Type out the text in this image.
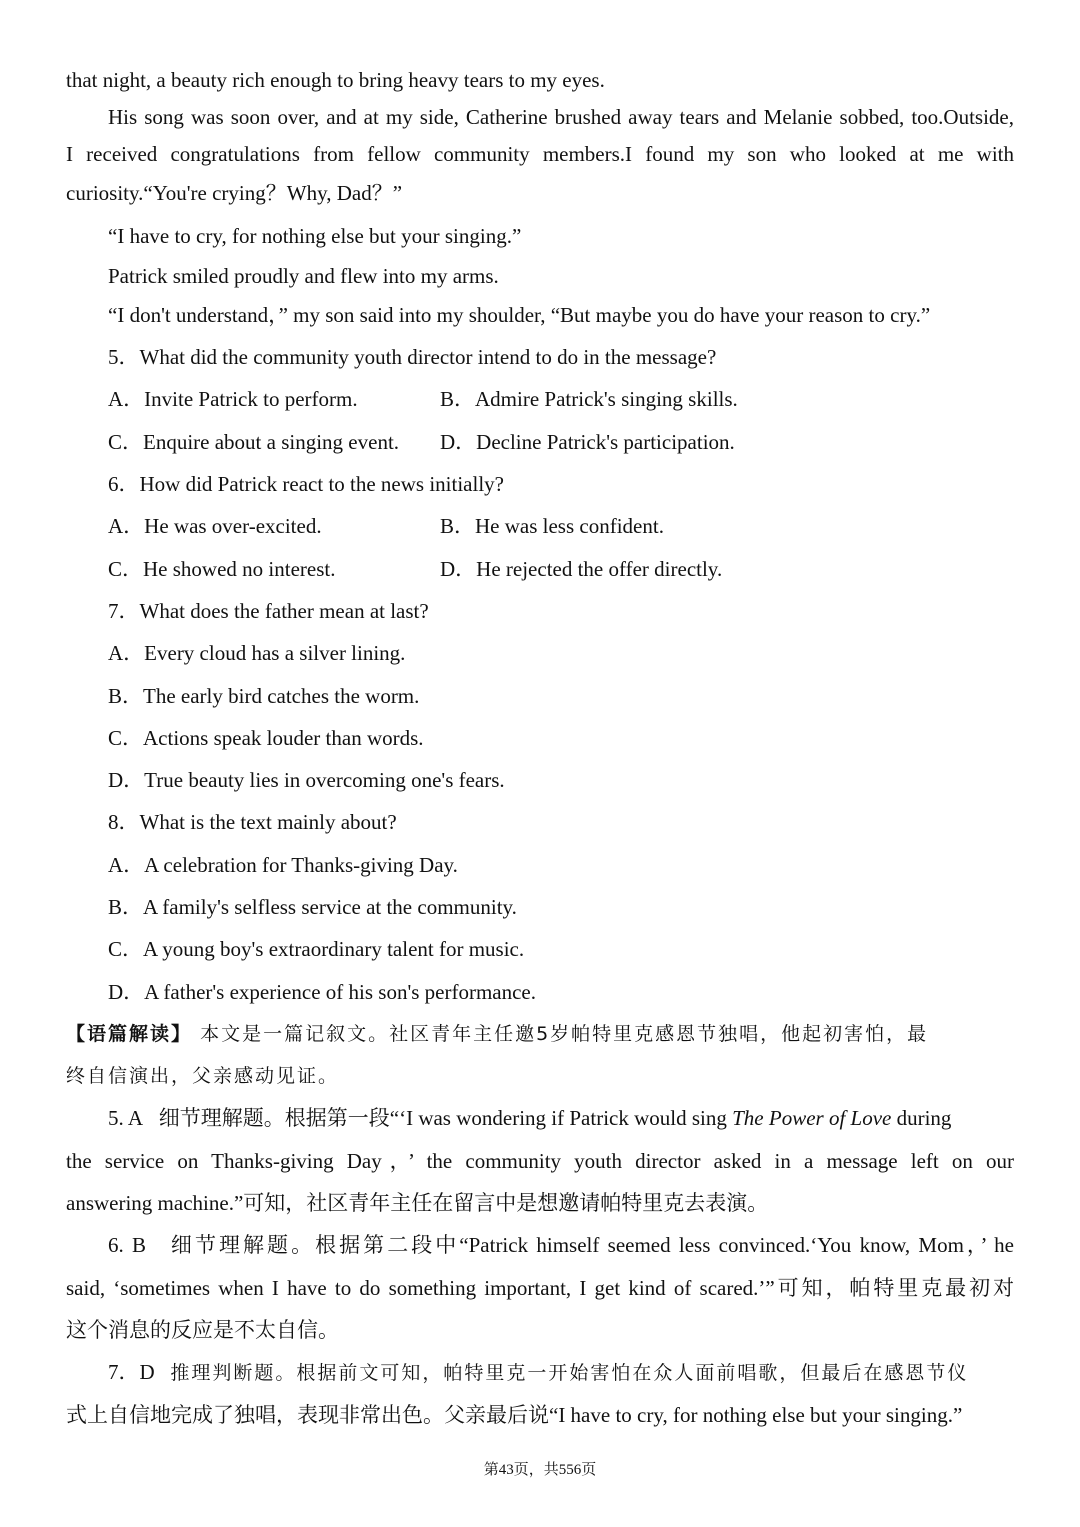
that night, a beauty rich enough to bring heavy tears to my eyes.
His song was soon over, and at my side, Catherine brushed away tears and Melanie sobbed, too.Outside,
I received congratulations from fellow community members.I found my son who looked at me with
curiosity.“You're crying？Why, Dad？”
“I have to cry, for nothing else but your singing.”
Patrick smiled proudly and flew into my arms.
“I don't understand，” my son said into my shoulder, “But maybe you do have your reason to cry.”
5．What did the community youth director intend to do in the message?
A．Invite Patrick to perform.	B．Admire Patrick's singing skills.
C．Enquire about a singing event. D．Decline Patrick's participation.
6．How did Patrick react to the news initially?
A．He was over-excited.	B．He was less confident.
C．He showed no interest.	D．He rejected the offer directly.
7．What does the father mean at last?
A．Every cloud has a silver lining.
B．The early bird catches the worm.
C．Actions speak louder than words.
D．True beauty lies in overcoming one's fears.
8．What is the text mainly about?
A．A celebration for Thanks-giving Day.
B．A family's selfless service at the community.
C．A young boy's extraordinary talent for music.
D．A father's experience of his son's performance.
【语篇解读】 本文是一篇记叙文。社区青年主任邀5岁帕特里克感恩节独唱，他起初害怕，最
终自信演出，父亲感动见证。
5. A 细节理解题。根据第一段“‘I was wondering if Patrick would sing The Power of Love during
the service on Thanks-giving Day，’ the community youth director asked in a message left on our
answering machine.”可知，社区青年主任在留言中是想邀请帕特里克去表演。
6. B 细节理解题。根据第二段中“Patrick himself seemed less convinced.‘You know, Mom，’ he
said, ‘sometimes when I have to do something important, I get kind of scared.’”可知，帕特里克最初对
这个消息的反应是不太自信。
7．D 推理判断题。根据前文可知，帕特里克一开始害怕在众人面前唱歌，但最后在感恩节仪
式上自信地完成了独唱，表现非常出色。父亲最后说“I have to cry, for nothing else but your singing.”
第43页，共556页
